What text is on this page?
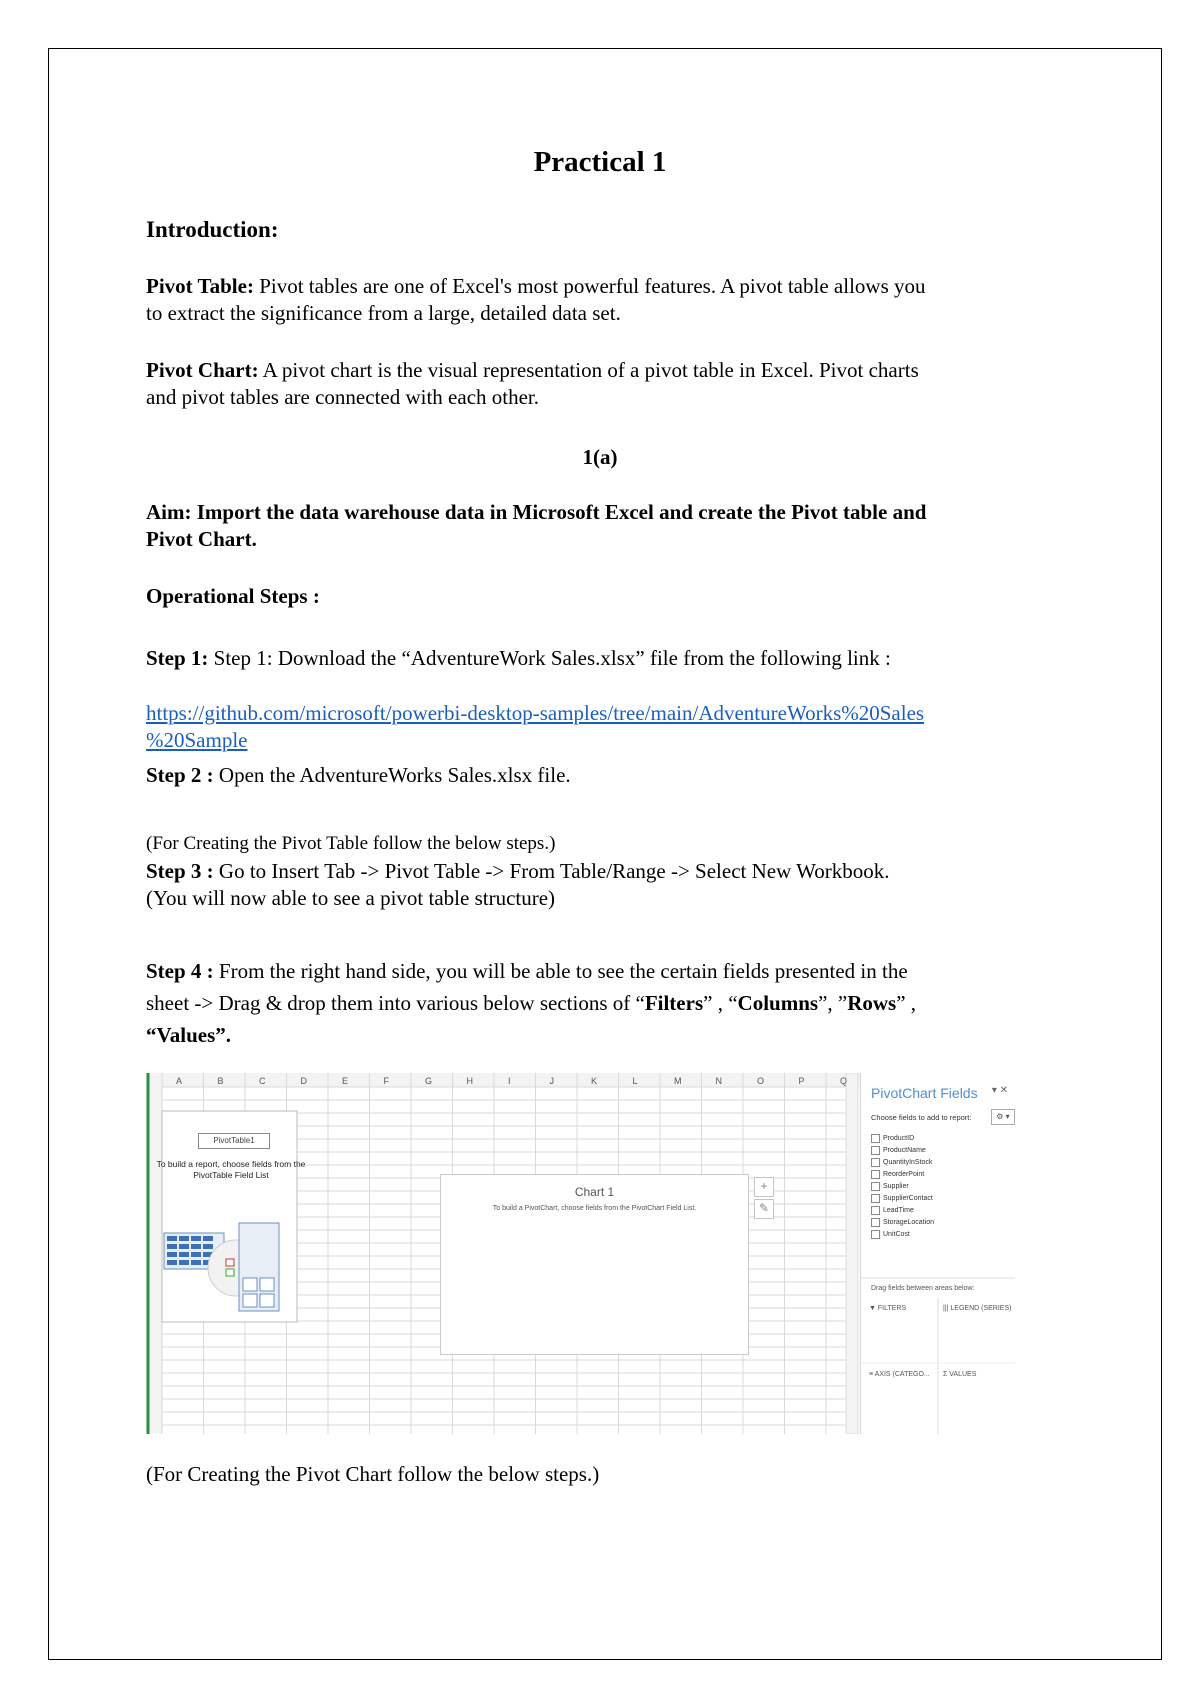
Practical 1
Introduction:
Pivot Table: Pivot tables are one of Excel's most powerful features. A pivot table allows you
to extract the significance from a large, detailed data set.
Pivot Chart: A pivot chart is the visual representation of a pivot table in Excel. Pivot charts
and pivot tables are connected with each other.
1(a)
Aim: Import the data warehouse data in Microsoft Excel and create the Pivot table and
Pivot Chart.
Operational Steps :
Step 1: Step 1: Download the “AdventureWork Sales.xlsx” file from the following link :
https://github.com/microsoft/powerbi-desktop-samples/tree/main/AdventureWorks%20Sales
%20Sample
Step 2 : Open the AdventureWorks Sales.xlsx file.
(For Creating the Pivot Table follow the below steps.)
Step 3 : Go to Insert Tab -> Pivot Table -> From Table/Range -> Select New Workbook.
(You will now able to see a pivot table structure)
Step 4 : From the right hand side, you will be able to see the certain fields presented in the
sheet -> Drag & drop them into various below sections of “Filters” , “Columns”, ”Rows” ,
“Values”.
A	B	C	D	E	F	G	H	I	J	K	L	M	N	O	P	Q
PivotTable1
To build a report, choose fields from the PivotTable Field List
Chart 1
To build a PivotChart, choose fields from the PivotChart Field List.
+
✎
PivotChart Fields ▾ ✕
Choose fields to add to report:	⚙ ▾
ProductID
ProductName
QuantityInStock
ReorderPoint
Supplier
SupplierContact
LeadTime
StorageLocation
UnitCost
Drag fields between areas below:
▼ FILTERS	||| LEGEND (SERIES)
≡ AXIS (CATEGO... Σ VALUES
(For Creating the Pivot Chart follow the below steps.)
